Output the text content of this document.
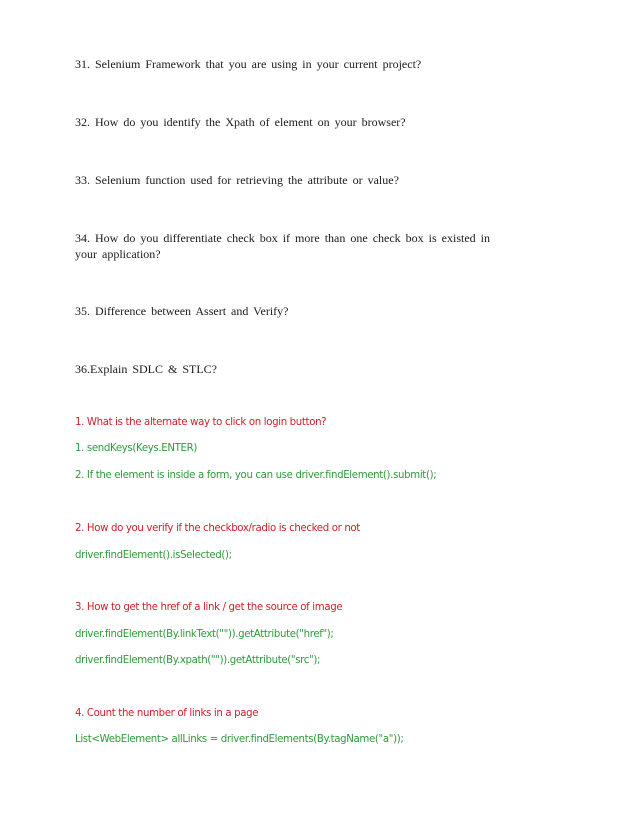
31. Selenium Framework that you are using in your current project?
32. How do you identify the Xpath of element on your browser?
33. Selenium function used for retrieving the attribute or value?
34. How do you differentiate check box if more than one check box is existed in your application?
35. Difference between Assert and Verify?
36.Explain SDLC & STLC?
1. What is the alternate way to click on login button?
1. sendKeys(Keys.ENTER)
2. If the element is inside a form, you can use driver.findElement().submit();
2. How do you verify if the checkbox/radio is checked or not
driver.findElement().isSelected();
3. How to get the href of a link / get the source of image
driver.findElement(By.linkText("")).getAttribute("href");
driver.findElement(By.xpath("")).getAttribute("src");
4. Count the number of links in a page
List<WebElement> allLinks = driver.findElements(By.tagName("a"));
